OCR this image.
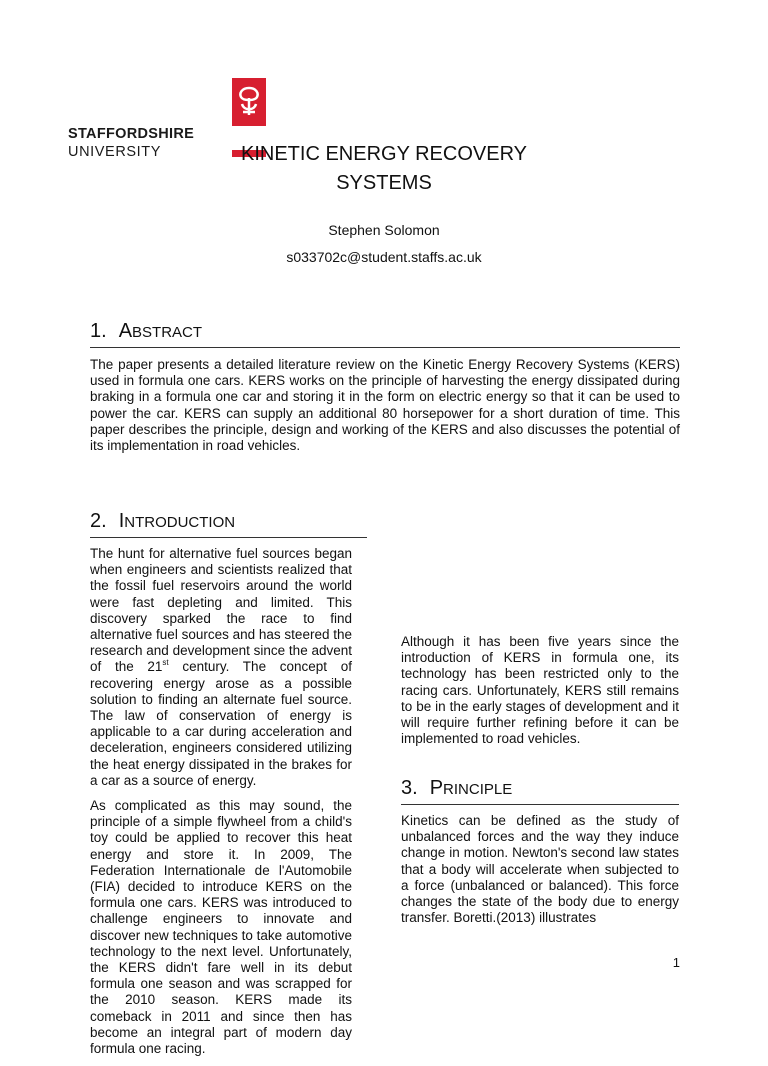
STAFFORDSHIRE
UNIVERSITY	KINETIC ENERGY RECOVERY
SYSTEMS
Stephen Solomon
s033702c@student.staffs.ac.uk
1. ABSTRACT

The paper presents a detailed literature review on the Kinetic Energy Recovery Systems (KERS) used in formula one cars. KERS works on the principle of harvesting the energy dissipated during braking in a formula one car and storing it in the form on electric energy so that it can be used to power the car. KERS can supply an additional 80 horsepower for a short duration of time. This paper describes the principle, design and working of the KERS and also discusses the potential of its implementation in road vehicles.

2. INTRODUCTION

The hunt for alternative fuel sources began when engineers and scientists realized that the fossil fuel reservoirs around the world were fast depleting and limited. This discovery sparked the race to find alternative fuel sources and has steered the research and development since the advent of the 21st century. The concept of recovering energy arose as a possible solution to finding an alternate fuel source. The law of conservation of energy is applicable to a car during acceleration and deceleration, engineers considered utilizing the heat energy dissipated in the brakes for a car as a source of energy.

As complicated as this may sound, the principle of a simple flywheel from a child's toy could be applied to recover this heat energy and store it. In 2009, The Federation Internationale de l'Automobile (FIA) decided to introduce KERS on the formula one cars. KERS was introduced to challenge engineers to innovate and discover new techniques to take automotive technology to the next level. Unfortunately, the KERS didn't fare well in its debut formula one season and was scrapped for the 2010 season. KERS made its comeback in 2011 and since then has become an integral part of modern day formula one racing.

Although it has been five years since the introduction of KERS in formula one, its technology has been restricted only to the racing cars. Unfortunately, KERS still remains to be in the early stages of development and it will require further refining before it can be implemented to road vehicles.

3. PRINCIPLE

Kinetics can be defined as the study of unbalanced forces and the way they induce change in motion. Newton's second law states that a body will accelerate when subjected to a force (unbalanced or balanced). This force changes the state of the body due to energy transfer. Boretti.(2013) illustrates

1
